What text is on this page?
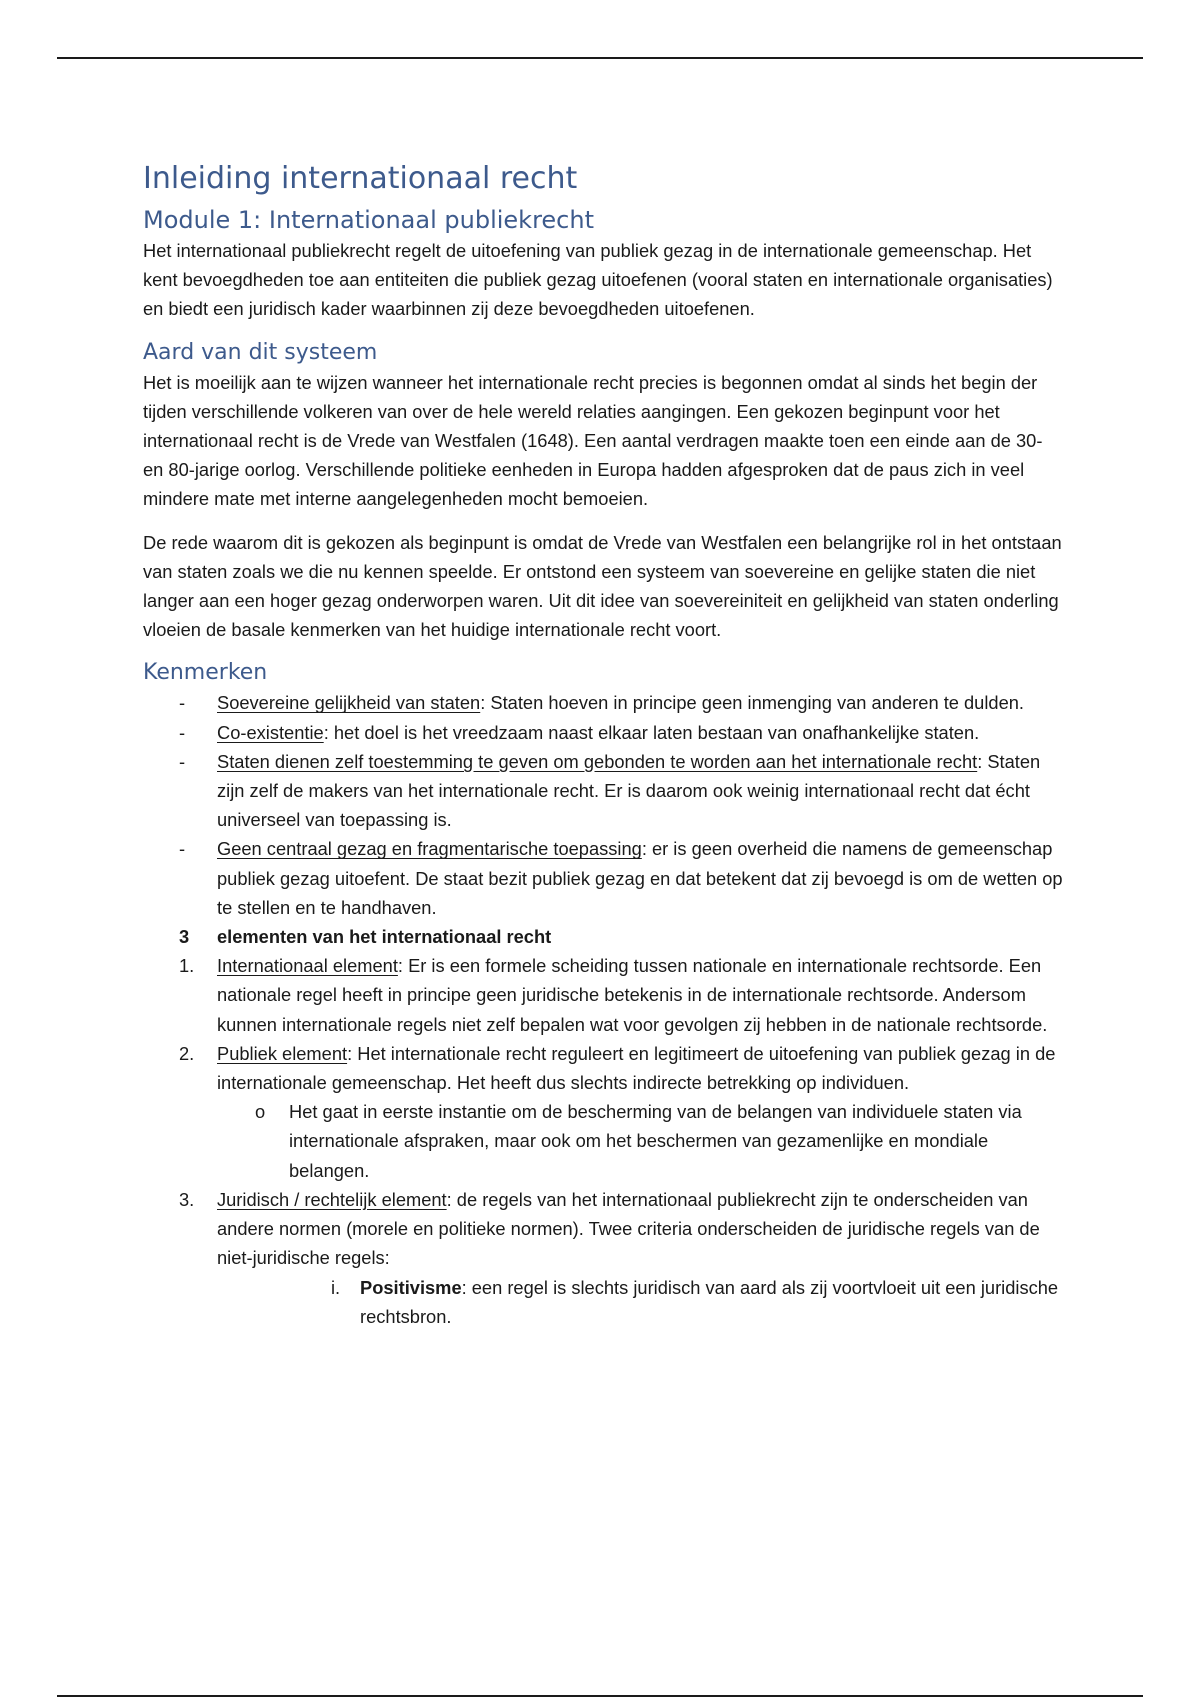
Inleiding internationaal recht
Module 1: Internationaal publiekrecht

Het internationaal publiekrecht regelt de uitoefening van publiek gezag in de internationale gemeenschap. Het kent bevoegdheden toe aan entiteiten die publiek gezag uitoefenen (vooral staten en internationale organisaties) en biedt een juridisch kader waarbinnen zij deze bevoegdheden uitoefenen.

Aard van dit systeem

Het is moeilijk aan te wijzen wanneer het internationale recht precies is begonnen omdat al sinds het begin der tijden verschillende volkeren van over de hele wereld relaties aangingen. Een gekozen beginpunt voor het internationaal recht is de Vrede van Westfalen (1648). Een aantal verdragen maakte toen een einde aan de 30- en 80-jarige oorlog. Verschillende politieke eenheden in Europa hadden afgesproken dat de paus zich in veel mindere mate met interne aangelegenheden mocht bemoeien.

De rede waarom dit is gekozen als beginpunt is omdat de Vrede van Westfalen een belangrijke rol in het ontstaan van staten zoals we die nu kennen speelde. Er ontstond een systeem van soevereine en gelijke staten die niet langer aan een hoger gezag onderworpen waren. Uit dit idee van soevereiniteit en gelijkheid van staten onderling vloeien de basale kenmerken van het huidige internationale recht voort.

Kenmerken
- Soevereine gelijkheid van staten: Staten hoeven in principe geen inmenging van anderen te dulden.
- Co-existentie: het doel is het vreedzaam naast elkaar laten bestaan van onafhankelijke staten.
- Staten dienen zelf toestemming te geven om gebonden te worden aan het internationale recht: Staten zijn zelf de makers van het internationale recht. Er is daarom ook weinig internationaal recht dat écht universeel van toepassing is.
- Geen centraal gezag en fragmentarische toepassing: er is geen overheid die namens de gemeenschap publiek gezag uitoefent. De staat bezit publiek gezag en dat betekent dat zij bevoegd is om de wetten op te stellen en te handhaven.
3 elementen van het internationaal recht
1. Internationaal element: Er is een formele scheiding tussen nationale en internationale rechtsorde. Een nationale regel heeft in principe geen juridische betekenis in de internationale rechtsorde. Andersom kunnen internationale regels niet zelf bepalen wat voor gevolgen zij hebben in de nationale rechtsorde.
2. Publiek element: Het internationale recht reguleert en legitimeert de uitoefening van publiek gezag in de internationale gemeenschap. Het heeft dus slechts indirecte betrekking op individuen.
o Het gaat in eerste instantie om de bescherming van de belangen van individuele staten via internationale afspraken, maar ook om het beschermen van gezamenlijke en mondiale belangen.
3. Juridisch / rechtelijk element: de regels van het internationaal publiekrecht zijn te onderscheiden van andere normen (morele en politieke normen). Twee criteria onderscheiden de juridische regels van de niet-juridische regels:
i. Positivisme: een regel is slechts juridisch van aard als zij voortvloeit uit een juridische rechtsbron.
